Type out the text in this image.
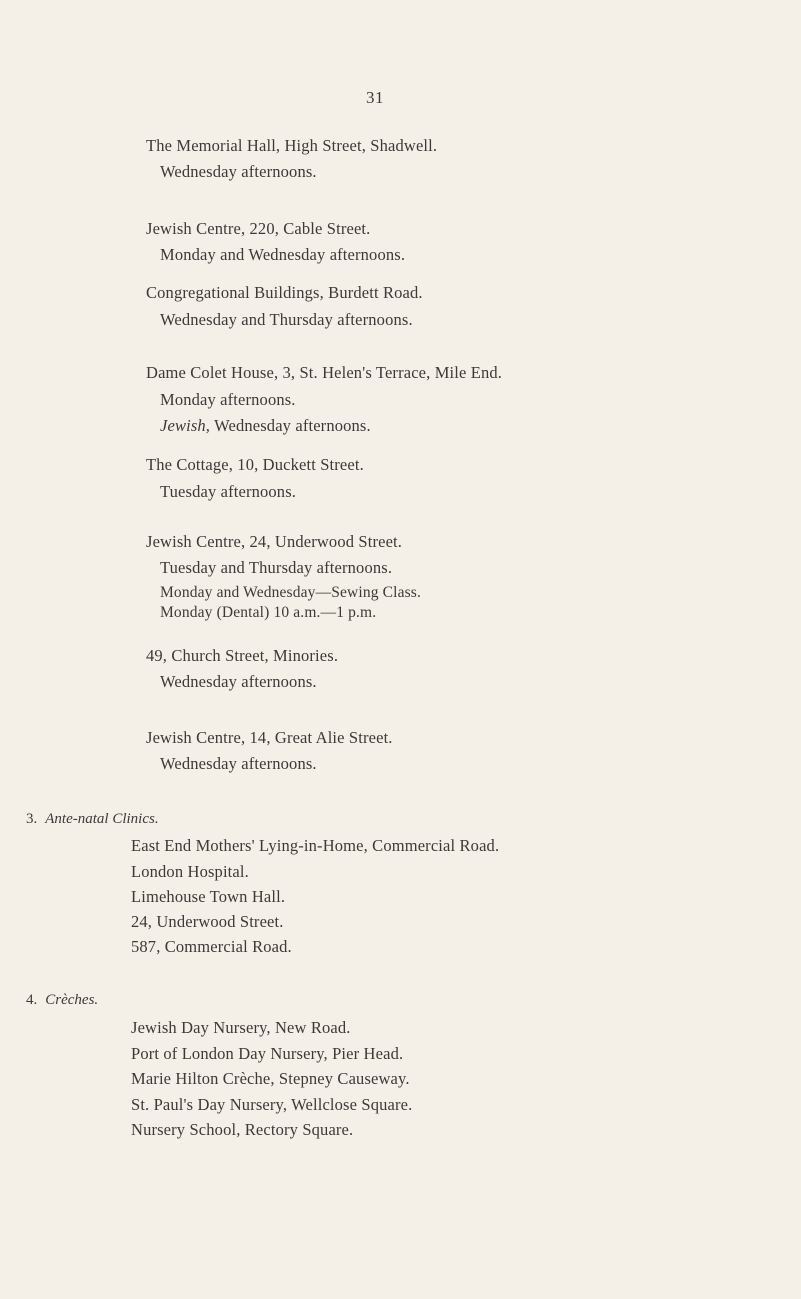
31
The Memorial Hall, High Street, Shadwell.
Wednesday afternoons.
Jewish Centre, 220, Cable Street.
Monday and Wednesday afternoons.
Congregational Buildings, Burdett Road.
Wednesday and Thursday afternoons.
Dame Colet House, 3, St. Helen's Terrace, Mile End.
Monday afternoons.
Jewish, Wednesday afternoons.
The Cottage, 10, Duckett Street.
Tuesday afternoons.
Jewish Centre, 24, Underwood Street.
Tuesday and Thursday afternoons.
Monday and Wednesday—Sewing Class.
Monday (Dental) 10 a.m.—1 p.m.
49, Church Street, Minories.
Wednesday afternoons.
Jewish Centre, 14, Great Alie Street.
Wednesday afternoons.
3. Ante-natal Clinics.
East End Mothers' Lying-in-Home, Commercial Road.
London Hospital.
Limehouse Town Hall.
24, Underwood Street.
587, Commercial Road.
4. Crèches.
Jewish Day Nursery, New Road.
Port of London Day Nursery, Pier Head.
Marie Hilton Crèche, Stepney Causeway.
St. Paul's Day Nursery, Wellclose Square.
Nursery School, Rectory Square.
